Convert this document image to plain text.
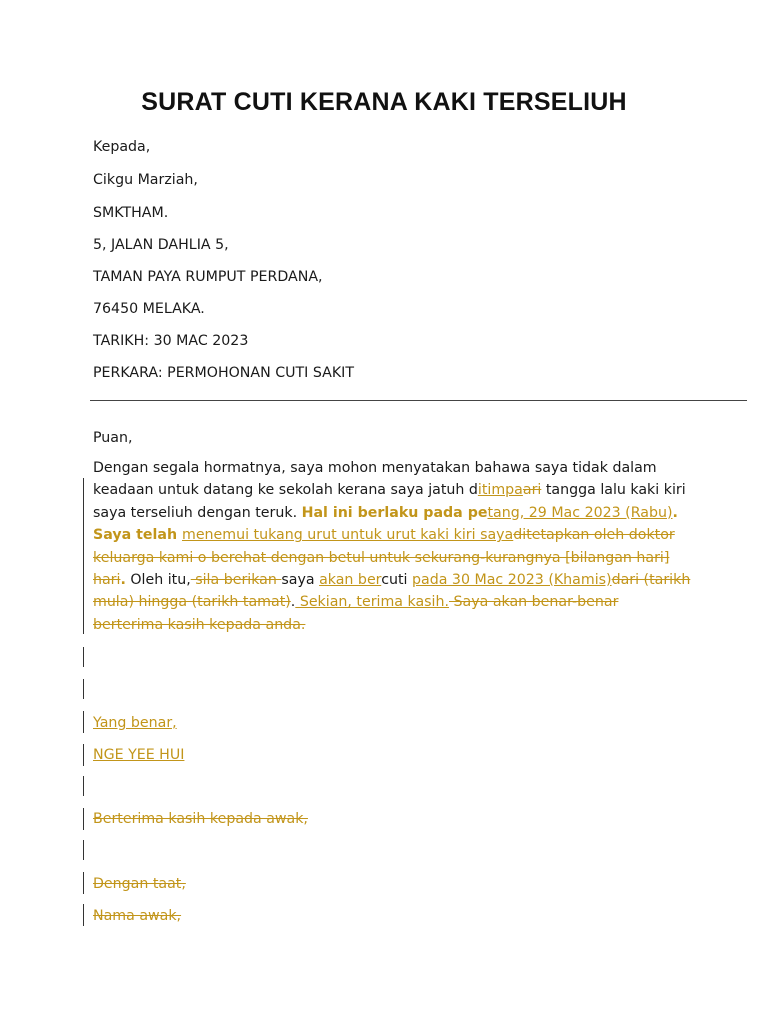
SURAT CUTI KERANA KAKI TERSELIUH
Kepada,
Cikgu Marziah,
SMKTHAM.
5, JALAN DAHLIA 5,
TAMAN PAYA RUMPUT PERDANA,
76450 MELAKA.
TARIKH: 30 MAC 2023
PERKARA: PERMOHONAN CUTI SAKIT
Puan,
Dengan segala hormatnya, saya mohon menyatakan bahawa saya tidak dalam keadaan untuk datang ke sekolah kerana saya jatuh ditimpaari tangga lalu kaki kiri saya terseliuh dengan teruk. Hal ini berlaku pada petang, 29 Mac 2023 (Rabu). Saya telah menemui tukang urut untuk urut kaki kiri sayaditetapkan oleh doktor keluarga kami o berehat dengan betul untuk sekurang-kurangnya [bilangan hari] hari. Oleh itu, sila berikan saya akan bercuti pada 30 Mac 2023 (Khamis)dari (tarikh mula) hingga (tarikh tamat). Sekian, terima kasih. Saya akan benar-benar berterima kasih kepada anda.
Yang benar,
NGE YEE HUI
Berterima kasih kepada awak,
Dengan taat,
Nama awak,
